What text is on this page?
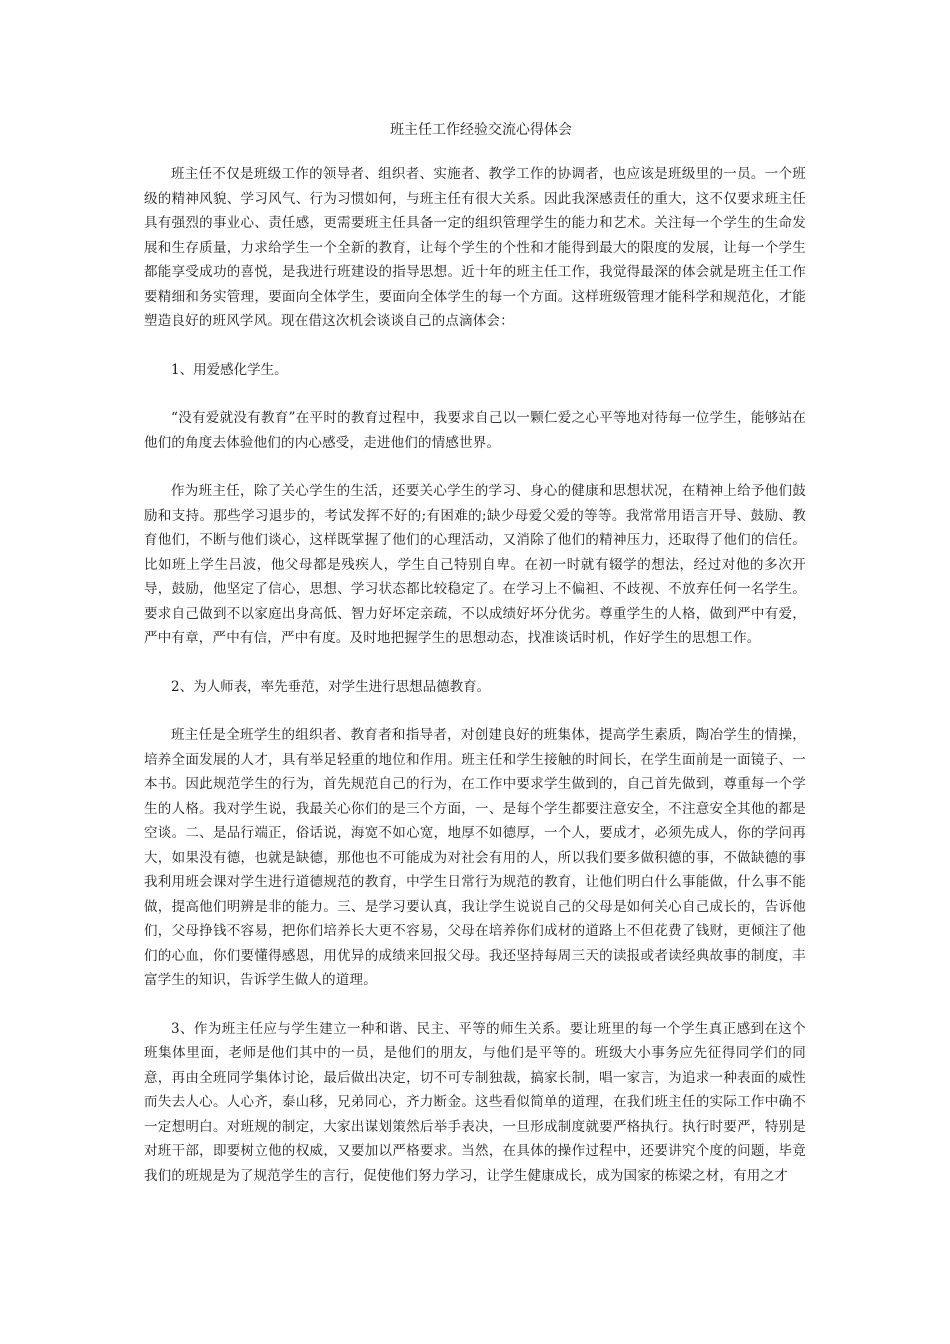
班主任工作经验交流心得体会

班主任不仅是班级工作的领导者、组织者、实施者、教学工作的协调者，也应该是班级里的一员。一个班级的精神风貌、学习风气、行为习惯如何，与班主任有很大关系。因此我深感责任的重大，这不仅要求班主任具有强烈的事业心、责任感，更需要班主任具备一定的组织管理学生的能力和艺术。关注每一个学生的生命发展和生存质量，力求给学生一个全新的教育，让每个学生的个性和才能得到最大的限度的发展，让每一个学生都能享受成功的喜悦，是我进行班建设的指导思想。近十年的班主任工作，我觉得最深的体会就是班主任工作要精细和务实管理，要面向全体学生，要面向全体学生的每一个方面。这样班级管理才能科学和规范化，才能塑造良好的班风学风。现在借这次机会谈谈自己的点滴体会：

1、用爱感化学生。

“没有爱就没有教育”在平时的教育过程中，我要求自己以一颗仁爱之心平等地对待每一位学生，能够站在他们的角度去体验他们的内心感受，走进他们的情感世界。

作为班主任，除了关心学生的生活，还要关心学生的学习、身心的健康和思想状况，在精神上给予他们鼓励和支持。那些学习退步的，考试发挥不好的;有困难的;缺少母爱父爱的等等。我常常用语言开导、鼓励、教育他们，不断与他们谈心，这样既掌握了他们的心理活动，又消除了他们的精神压力，还取得了他们的信任。比如班上学生吕波，他父母都是残疾人，学生自己特别自卑。在初一时就有辍学的想法，经过对他的多次开导，鼓励，他坚定了信心，思想、学习状态都比较稳定了。在学习上不偏袒、不歧视、不放弃任何一名学生。要求自己做到不以家庭出身高低、智力好坏定亲疏，不以成绩好坏分优劣。尊重学生的人格，做到严中有爱，严中有章，严中有信，严中有度。及时地把握学生的思想动态，找准谈话时机，作好学生的思想工作。

2、为人师表，率先垂范，对学生进行思想品德教育。

班主任是全班学生的组织者、教育者和指导者，对创建良好的班集体，提高学生素质，陶冶学生的情操，培养全面发展的人才，具有举足轻重的地位和作用。班主任和学生接触的时间长，在学生面前是一面镜子、一本书。因此规范学生的行为，首先规范自己的行为，在工作中要求学生做到的，自己首先做到，尊重每一个学生的人格。我对学生说，我最关心你们的是三个方面，一、是每个学生都要注意安全，不注意安全其他的都是空谈。二、是品行端正，俗话说，海宽不如心宽，地厚不如德厚，一个人，要成才，必须先成人，你的学问再大，如果没有德，也就是缺德，那他也不可能成为对社会有用的人，所以我们要多做积德的事，不做缺德的事我利用班会课对学生进行道德规范的教育，中学生日常行为规范的教育，让他们明白什么事能做，什么事不能做，提高他们明辨是非的能力。三、是学习要认真，我让学生说说自己的父母是如何关心自己成长的，告诉他们，父母挣钱不容易，把你们培养长大更不容易，父母在培养你们成材的道路上不但花费了钱财，更倾注了他们的心血，你们要懂得感恩，用优异的成绩来回报父母。我还坚持每周三天的读报或者读经典故事的制度，丰富学生的知识，告诉学生做人的道理。

3、作为班主任应与学生建立一种和谐、民主、平等的师生关系。要让班里的每一个学生真正感到在这个班集体里面，老师是他们其中的一员，是他们的朋友，与他们是平等的。班级大小事务应先征得同学们的同意，再由全班同学集体讨论，最后做出决定，切不可专制独裁，搞家长制，唱一家言，为追求一种表面的威性而失去人心。人心齐，泰山移，兄弟同心，齐力断金。这些看似简单的道理，在我们班主任的实际工作中确不一定想明白。对班规的制定，大家出谋划策然后举手表决，一旦形成制度就要严格执行。执行时要严，特别是对班干部，即要树立他的权威，又要加以严格要求。当然，在具体的操作过程中，还要讲究个度的问题，毕竟我们的班规是为了规范学生的言行，促使他们努力学习，让学生健康成长，成为国家的栋梁之材，有用之才
